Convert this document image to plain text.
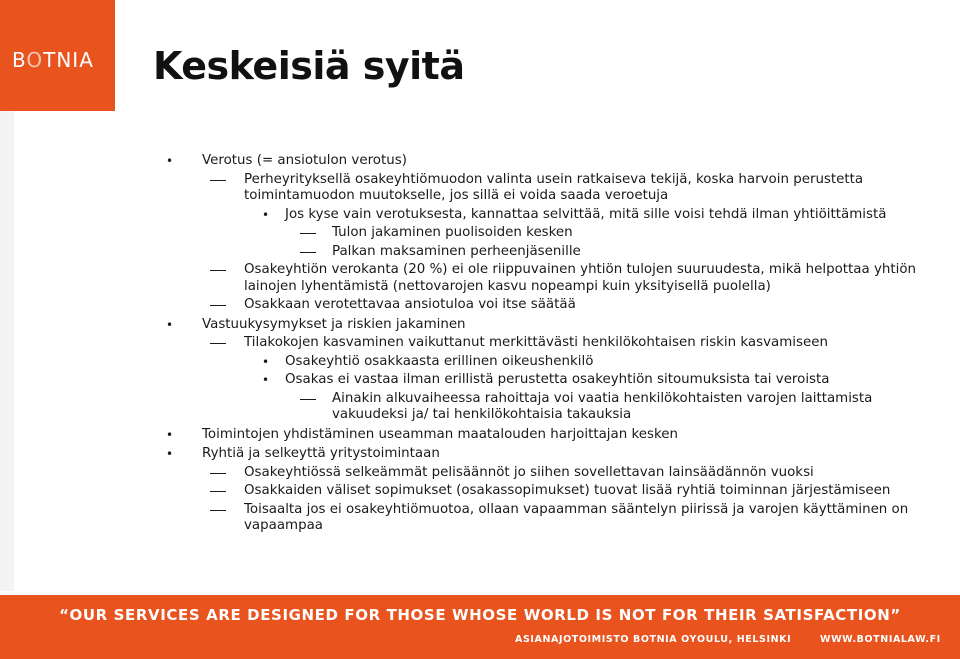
BOTNIA Keskeisiä syitä

• Verotus (= ansiotulon verotus)

Perheyrityksellä osakeyhtiömuodon valinta usein ratkaiseva tekijä, koska harvoin perustetta toimintamuodon muutokselle, jos sillä ei voida saada veroetuja

• Jos kyse vain verotuksesta, kannattaa selvittää, mitä sille voisi tehdä ilman yhtiöittämistä

Tulon jakaminen puolisoiden kesken

Palkan maksaminen perheenjäsenille

Osakeyhtiön verokanta (20 %) ei ole riippuvainen yhtiön tulojen suuruudesta, mikä helpottaa yhtiön lainojen lyhentämistä (nettovarojen kasvu nopeampi kuin yksityisellä puolella)

Osakkaan verotettavaa ansiotuloa voi itse säätää

• Vastuukysymykset ja riskien jakaminen

Tilakokojen kasvaminen vaikuttanut merkittävästi henkilökohtaisen riskin kasvamiseen

• Osakeyhtiö osakkaasta erillinen oikeushenkilö

• Osakas ei vastaa ilman erillistä perustetta osakeyhtiön sitoumuksista tai veroista

Ainakin alkuvaiheessa rahoittaja voi vaatia henkilökohtaisten varojen laittamista vakuudeksi ja/ tai henkilökohtaisia takauksia

• Toimintojen yhdistäminen useamman maatalouden harjoittajan kesken

• Ryhtiä ja selkeyttä yritystoimintaan

Osakeyhtiössä selkeämmät pelisäännöt jo siihen sovellettavan lainsäädännön vuoksi

Osakkaiden väliset sopimukset (osakassopimukset) tuovat lisää ryhtiä toiminnan järjestämiseen

Toisaalta jos ei osakeyhtiömuotoa, ollaan vapaamman sääntelyn piirissä ja varojen käyttäminen on vapaampaa

“OUR SERVICES ARE DESIGNED FOR THOSE WHOSE WORLD IS NOT FOR THEIR SATISFACTION”
ASIANAJOTOIMISTO BOTNIA OY OULU, HELSINKI	WWW.BOTNIALAW.FI
